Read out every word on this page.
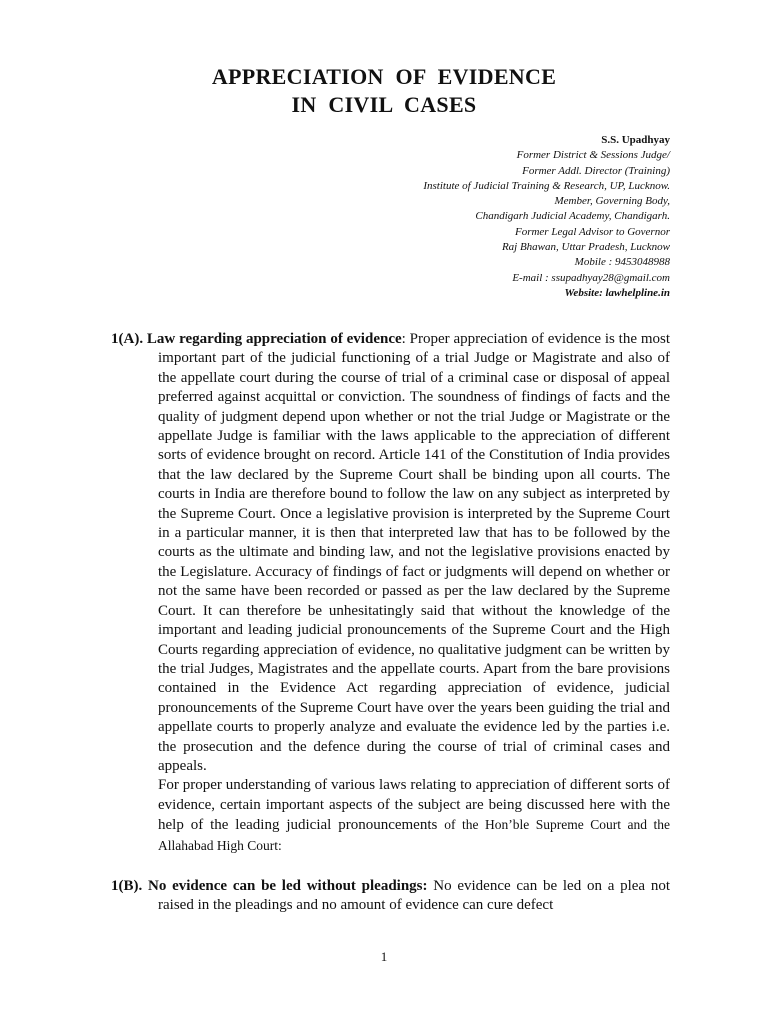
APPRECIATION OF EVIDENCE
IN CIVIL CASES
S.S. Upadhyay
Former District & Sessions Judge/
Former Addl. Director (Training)
Institute of Judicial Training & Research, UP, Lucknow.
Member, Governing Body,
Chandigarh Judicial Academy, Chandigarh.
Former Legal Advisor to Governor
Raj Bhawan, Uttar Pradesh, Lucknow
Mobile : 9453048988
E-mail : ssupadhyay28@gmail.com
Website: lawhelpline.in
1(A). Law regarding appreciation of evidence: Proper appreciation of evidence is the most important part of the judicial functioning of a trial Judge or Magistrate and also of the appellate court during the course of trial of a criminal case or disposal of appeal preferred against acquittal or conviction. The soundness of findings of facts and the quality of judgment depend upon whether or not the trial Judge or Magistrate or the appellate Judge is familiar with the laws applicable to the appreciation of different sorts of evidence brought on record. Article 141 of the Constitution of India provides that the law declared by the Supreme Court shall be binding upon all courts. The courts in India are therefore bound to follow the law on any subject as interpreted by the Supreme Court. Once a legislative provision is interpreted by the Supreme Court in a particular manner, it is then that interpreted law that has to be followed by the courts as the ultimate and binding law, and not the legislative provisions enacted by the Legislature. Accuracy of findings of fact or judgments will depend on whether or not the same have been recorded or passed as per the law declared by the Supreme Court. It can therefore be unhesitatingly said that without the knowledge of the important and leading judicial pronouncements of the Supreme Court and the High Courts regarding appreciation of evidence, no qualitative judgment can be written by the trial Judges, Magistrates and the appellate courts. Apart from the bare provisions contained in the Evidence Act regarding appreciation of evidence, judicial pronouncements of the Supreme Court have over the years been guiding the trial and appellate courts to properly analyze and evaluate the evidence led by the parties i.e. the prosecution and the defence during the course of trial of criminal cases and appeals.
For proper understanding of various laws relating to appreciation of different sorts of evidence, certain important aspects of the subject are being discussed here with the help of the leading judicial pronouncements of the Hon’ble Supreme Court and the Allahabad High Court:
1(B). No evidence can be led without pleadings: No evidence can be led on a plea not raised in the pleadings and no amount of evidence can cure defect
1
